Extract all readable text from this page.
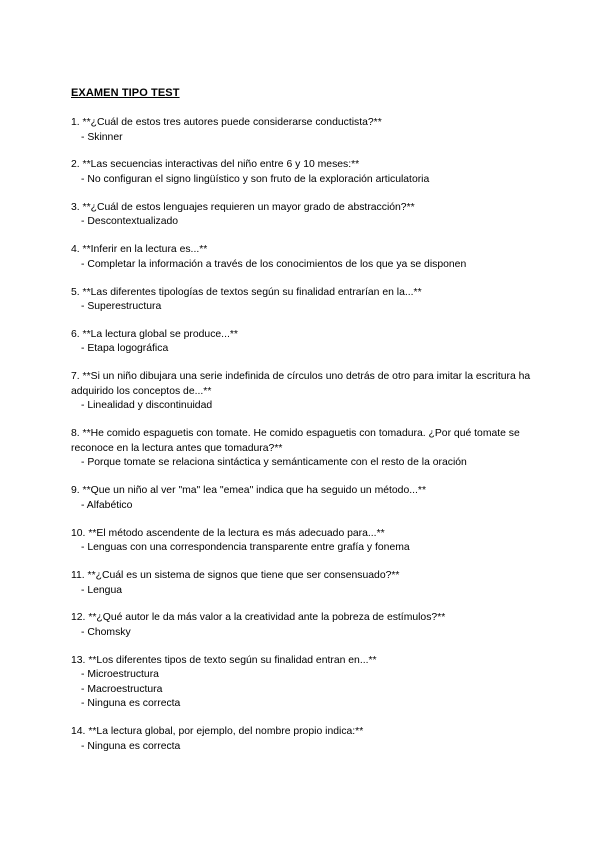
EXAMEN TIPO TEST
1. **¿Cuál de estos tres autores puede considerarse conductista?**
- Skinner
2. **Las secuencias interactivas del niño entre 6 y 10 meses:**
- No configuran el signo lingüístico y son fruto de la exploración articulatoria
3. **¿Cuál de estos lenguajes requieren un mayor grado de abstracción?**
- Descontextualizado
4. **Inferir en la lectura es...**
- Completar la información a través de los conocimientos de los que ya se disponen
5. **Las diferentes tipologías de textos según su finalidad entrarían en la...**
- Superestructura
6. **La lectura global se produce...**
- Etapa logográfica
7. **Si un niño dibujara una serie indefinida de círculos uno detrás de otro para imitar la escritura ha adquirido los conceptos de...**
- Linealidad y discontinuidad
8. **He comido espaguetis con tomate. He comido espaguetis con tomadura. ¿Por qué tomate se reconoce en la lectura antes que tomadura?**
- Porque tomate se relaciona sintáctica y semánticamente con el resto de la oración
9. **Que un niño al ver "ma" lea "emea" indica que ha seguido un método...**
- Alfabético
10. **El método ascendente de la lectura es más adecuado para...**
- Lenguas con una correspondencia transparente entre grafía y fonema
11. **¿Cuál es un sistema de signos que tiene que ser consensuado?**
- Lengua
12. **¿Qué autor le da más valor a la creatividad ante la pobreza de estímulos?**
- Chomsky
13. **Los diferentes tipos de texto según su finalidad entran en...**
- Microestructura
- Macroestructura
- Ninguna es correcta
14. **La lectura global, por ejemplo, del nombre propio indica:**
- Ninguna es correcta
